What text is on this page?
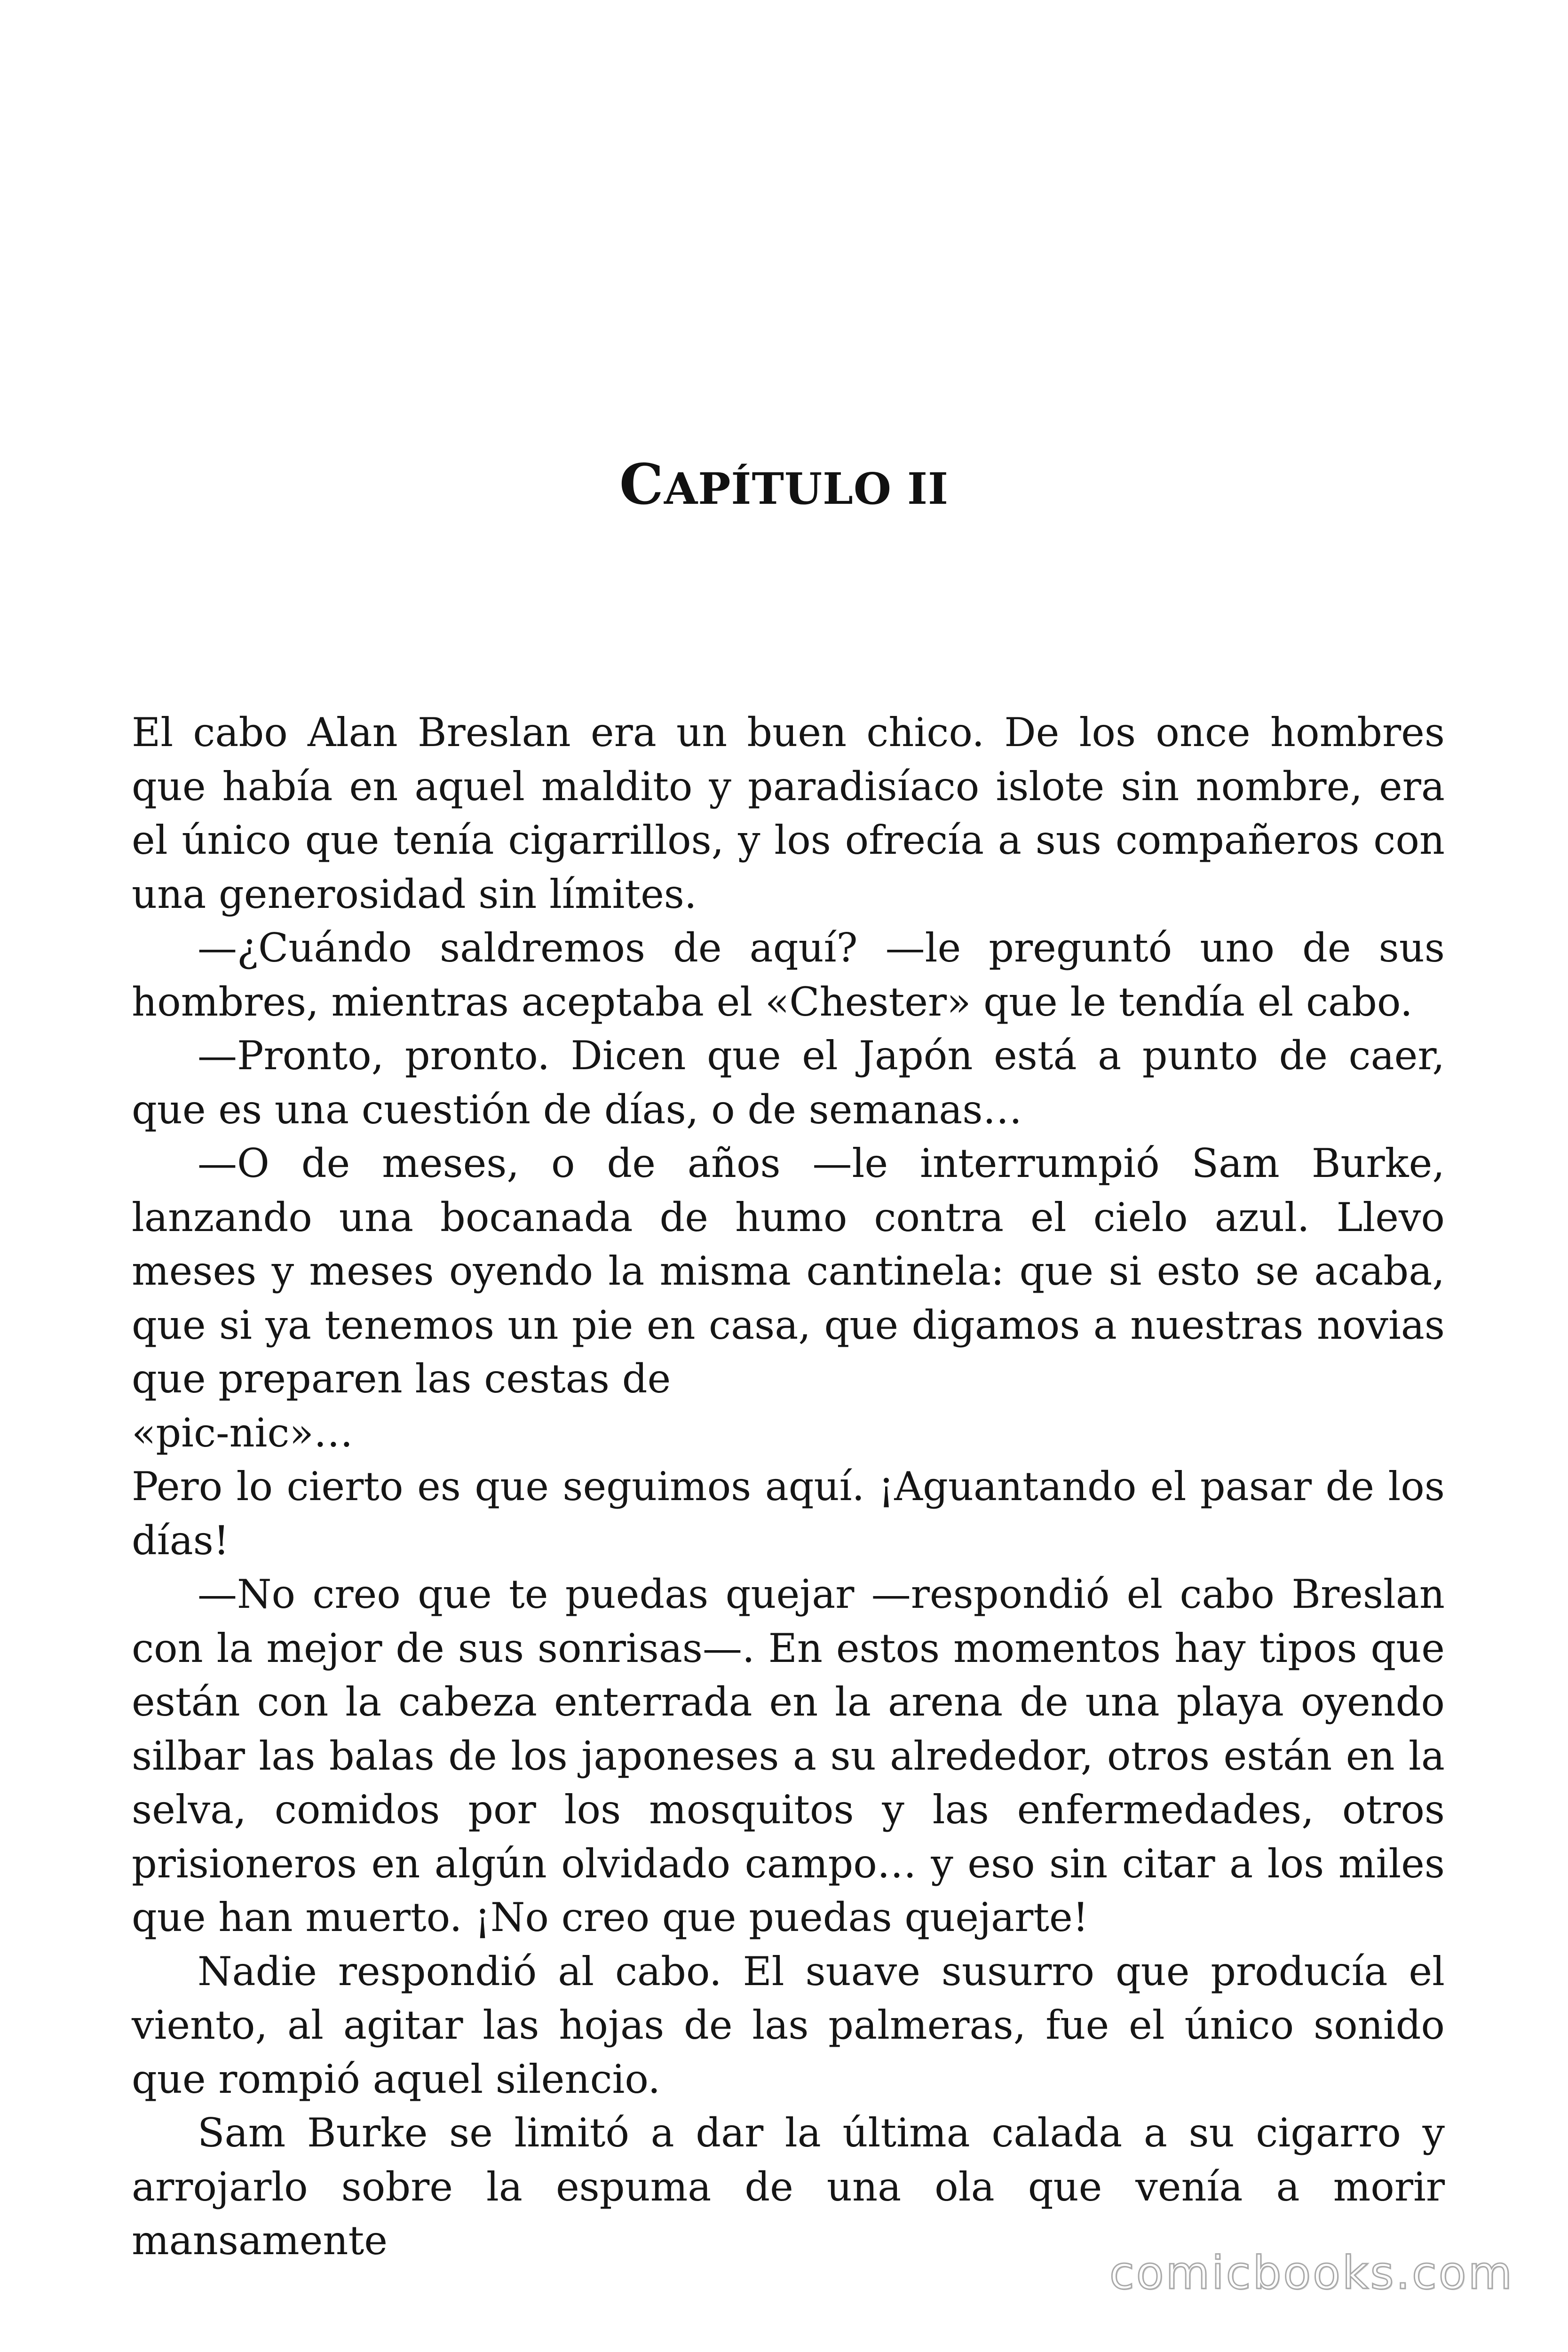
CAPÍTULO II

El cabo Alan Breslan era un buen chico. De los once hombres que había en aquel maldito y paradisíaco islote sin nombre, era el único que tenía cigarrillos, y los ofrecía a sus compañeros con una generosidad sin límites.

—¿Cuándo saldremos de aquí? —le preguntó uno de sus hombres, mientras aceptaba el «Chester» que le tendía el cabo.

—Pronto, pronto. Dicen que el Japón está a punto de caer, que es una cuestión de días, o de semanas…

—O de meses, o de años —le interrumpió Sam Burke, lanzando una bocanada de humo contra el cielo azul. Llevo meses y meses oyendo la misma cantinela: que si esto se acaba, que si ya tenemos un pie en casa, que digamos a nuestras novias que preparen las cestas de

«pic-nic»…

Pero lo cierto es que seguimos aquí. ¡Aguantando el pasar de los días!

—No creo que te puedas quejar —respondió el cabo Breslan con la mejor de sus sonrisas—. En estos momentos hay tipos que están con la cabeza enterrada en la arena de una playa oyendo silbar las balas de los japoneses a su alrededor, otros están en la selva, comidos por los mosquitos y las enfermedades, otros prisioneros en algún olvidado campo… y eso sin citar a los miles que han muerto. ¡No creo que puedas quejarte!

Nadie respondió al cabo. El suave susurro que producía el viento, al agitar las hojas de las palmeras, fue el único sonido que rompió aquel silencio.

Sam Burke se limitó a dar la última calada a su cigarro y arrojarlo sobre la espuma de una ola que venía a morir mansamente

comicbooks.com
